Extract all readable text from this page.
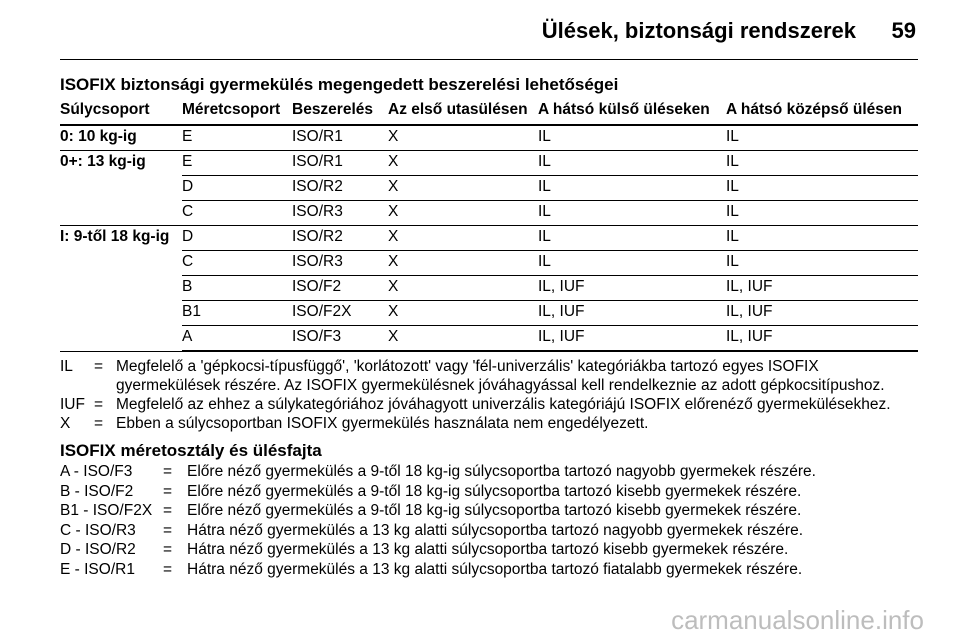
Ülések, biztonsági rendszerek 59
ISOFIX biztonsági gyermekülés megengedett beszerelési lehetőségei
Súlycsoport	Méretcsoport	Beszerelés	Az első utasülésen	A hátsó külső üléseken	A hátsó középső ülésen
0: 10 kg-ig	E	ISO/R1	X	IL	IL
0+: 13 kg-ig	E	ISO/R1	X	IL	IL
	D	ISO/R2	X	IL	IL
	C	ISO/R3	X	IL	IL
I: 9-től 18 kg-ig	D	ISO/R2	X	IL	IL
	C	ISO/R3	X	IL	IL
	B	ISO/F2	X	IL, IUF	IL, IUF
	B1	ISO/F2X	X	IL, IUF	IL, IUF
	A	ISO/F3	X	IL, IUF	IL, IUF
IL	= Megfelelő a 'gépkocsi-típusfüggő', 'korlátozott' vagy 'fél-univerzális' kategóriákba tartozó egyes ISOFIX gyermekülések részére. Az ISOFIX gyermekülésnek jóváhagyással kell rendelkeznie az adott gépkocsitípushoz.
IUF = Megfelelő az ehhez a súlykategóriához jóváhagyott univerzális kategóriájú ISOFIX előrenéző gyermekülésekhez.
X	= Ebben a súlycsoportban ISOFIX gyermekülés használata nem engedélyezett.
ISOFIX méretosztály és ülésfajta
A - ISO/F3	= Előre néző gyermekülés a 9-től 18 kg-ig súlycsoportba tartozó nagyobb gyermekek részére.
B - ISO/F2	= Előre néző gyermekülés a 9-től 18 kg-ig súlycsoportba tartozó kisebb gyermekek részére.
B1 - ISO/F2X = Előre néző gyermekülés a 9-től 18 kg-ig súlycsoportba tartozó kisebb gyermekek részére.
C - ISO/R3	= Hátra néző gyermekülés a 13 kg alatti súlycsoportba tartozó nagyobb gyermekek részére.
D - ISO/R2	= Hátra néző gyermekülés a 13 kg alatti súlycsoportba tartozó kisebb gyermekek részére.
E - ISO/R1	= Hátra néző gyermekülés a 13 kg alatti súlycsoportba tartozó fiatalabb gyermekek részére.
carmanualsonline.info
